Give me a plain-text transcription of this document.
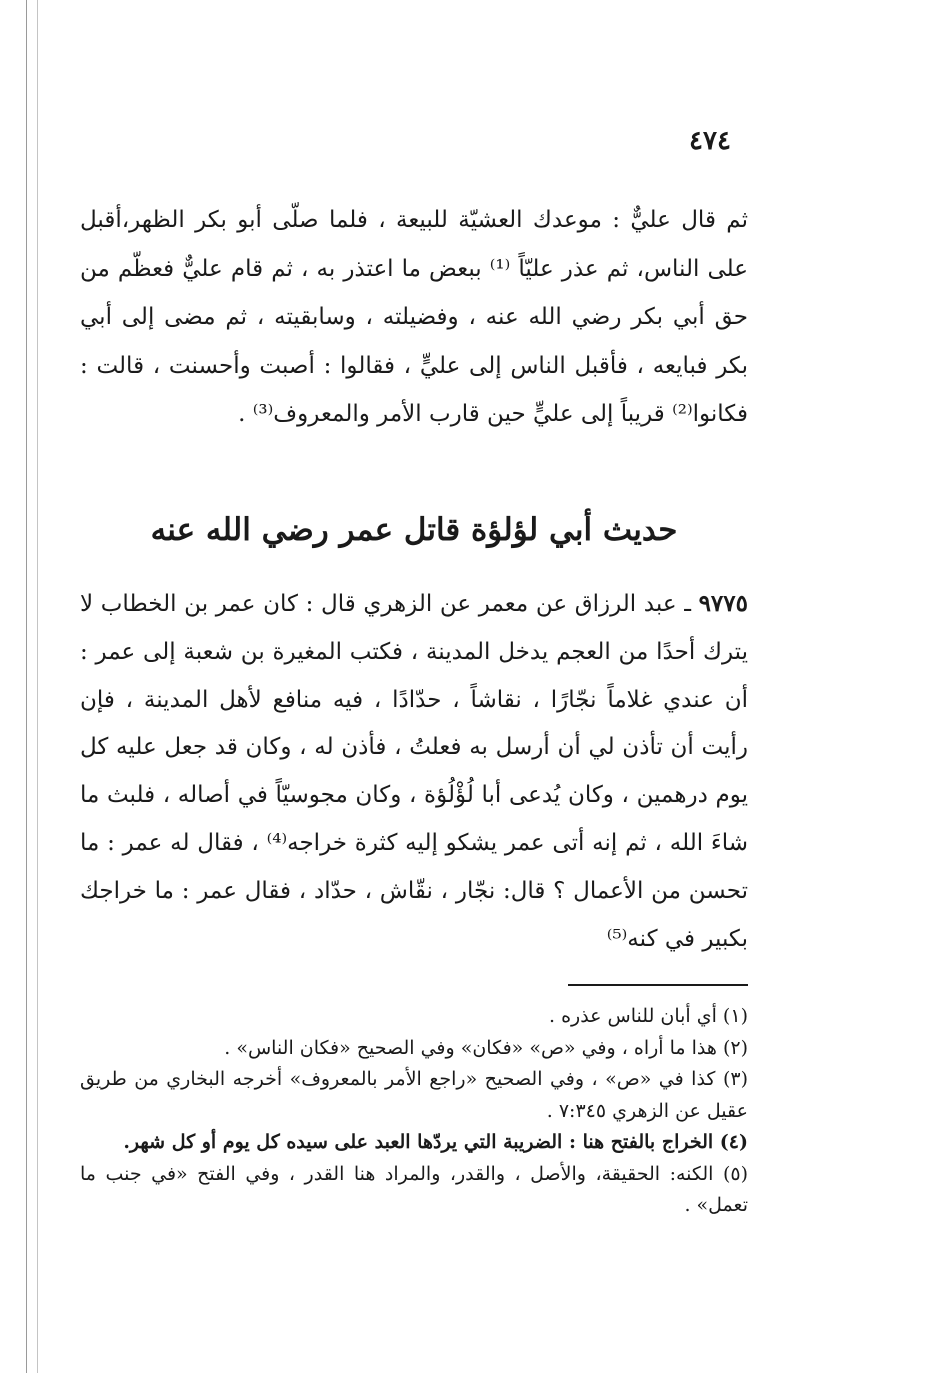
٤٧٤

ثم قال عليٌّ : موعدك العشيّة للبيعة ، فلما صلّى أبو بكر الظهر،أقبل على الناس، ثم عذر عليّاً ⁽¹⁾ ببعض ما اعتذر به ، ثم قام عليٌّ فعظّم من حق أبي بكر رضي الله عنه ، وفضيلته ، وسابقيته ، ثم مضى إلى أبي بكر فبايعه ، فأقبل الناس إلى عليٍّ ، فقالوا : أصبت وأحسنت ، قالت : فكانوا⁽²⁾ قريباً إلى عليٍّ حين قارب الأمر والمعروف⁽³⁾ .

حديث أبي لؤلؤة قاتل عمر رضي الله عنه

٩٧٧٥ ـ عبد الرزاق عن معمر عن الزهري قال : كان عمر بن الخطاب لا يترك أحدًا من العجم يدخل المدينة ، فكتب المغيرة بن شعبة إلى عمر : أن عندي غلاماً نجّارًا ، نقاشاً ، حدّادًا ، فيه منافع لأهل المدينة ، فإن رأيت أن تأذن لي أن أرسل به فعلتُ ، فأذن له ، وكان قد جعل عليه كل يوم درهمين ، وكان يُدعى أبا لُؤْلُؤة ، وكان مجوسيّاً في أصاله ، فلبث ما شاءَ الله ، ثم إنه أتى عمر يشكو إليه كثرة خراجه⁽⁴⁾ ، فقال له عمر : ما تحسن من الأعمال ؟ قال: نجّار ، نقّاش ، حدّاد ، فقال عمر : ما خراجك بكبير في كنه⁽⁵⁾

(١) أي أبان للناس عذره .
(٢) هذا ما أراه ، وفي «ص» «فكان» وفي الصحيح «فكان الناس» .
(٣) كذا في «ص» ، وفي الصحيح «راجع الأمر بالمعروف» أخرجه البخاري من طريق عقيل عن الزهري ٧:٣٤٥ .
(٤) الخراج بالفتح هنا : الضريبة التي يردّها العبد على سيده كل يوم أو كل شهر.
(٥) الكنه: الحقيقة، والأصل ، والقدر، والمراد هنا القدر ، وفي الفتح «في جنب ما تعمل» .
